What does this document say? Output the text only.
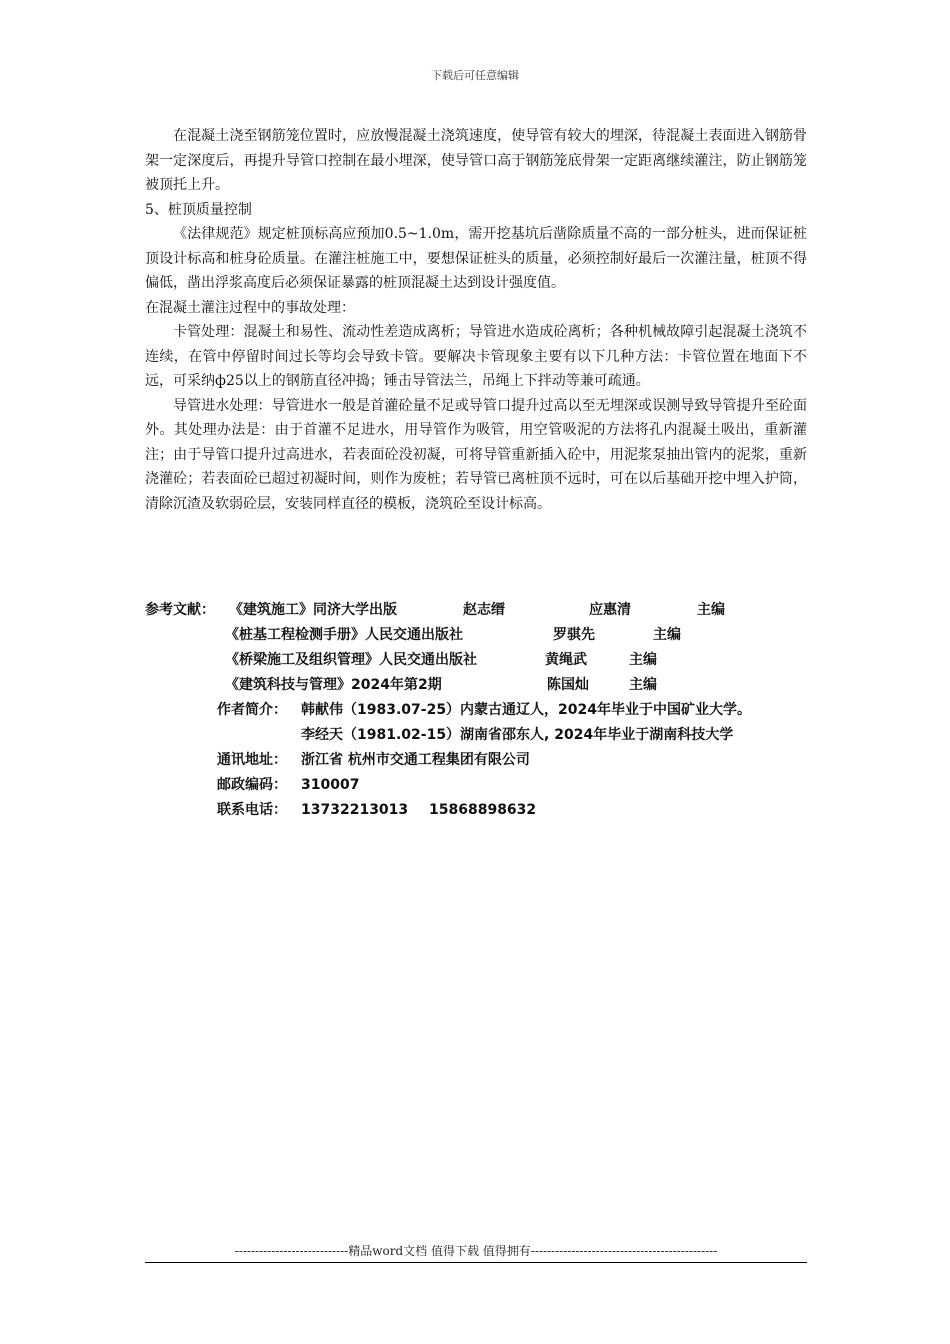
下载后可任意编辑

在混凝土浇至钢筋笼位置时，应放慢混凝土浇筑速度，使导管有较大的埋深，待混凝土表面进入钢筋骨架一定深度后，再提升导管口控制在最小埋深，使导管口高于钢筋笼底骨架一定距离继续灌注，防止钢筋笼被顶托上升。

5、桩顶质量控制

《法律规范》规定桩顶标高应预加0.5~1.0m，需开挖基坑后凿除质量不高的一部分桩头，进而保证桩顶设计标高和桩身砼质量。在灌注桩施工中，要想保证桩头的质量，必须控制好最后一次灌注量，桩顶不得偏低，凿出浮浆高度后必须保证暴露的桩顶混凝土达到设计强度值。

在混凝土灌注过程中的事故处理：

卡管处理：混凝土和易性、流动性差造成离析；导管进水造成砼离析；各种机械故障引起混凝土浇筑不连续，在管中停留时间过长等均会导致卡管。要解决卡管现象主要有以下几种方法：卡管位置在地面下不远，可采纳ф25以上的钢筋直径冲捣；锤击导管法兰，吊绳上下拌动等兼可疏通。

导管进水处理：导管进水一般是首灌砼量不足或导管口提升过高以至无埋深或误测导致导管提升至砼面外。其处理办法是：由于首灌不足进水，用导管作为吸管，用空管吸泥的方法将孔内混凝土吸出，重新灌注；由于导管口提升过高进水，若表面砼没初凝，可将导管重新插入砼中，用泥浆泵抽出管内的泥浆，重新浇灌砼；若表面砼已超过初凝时间，则作为废桩；若导管已离桩顶不远时，可在以后基础开挖中埋入护筒，清除沉渣及软弱砼层，安装同样直径的模板，浇筑砼至设计标高。

参考文献： 《建筑施工》同济大学出版	赵志缙	应惠清	主编
《桩基工程检测手册》人民交通出版社	罗骐先	主编
《桥梁施工及组织管理》人民交通出版社	黄绳武	主编
《建筑科技与管理》2024年第2期	陈国灿	主编
作者简介： 韩献伟（1983.07-25）内蒙古通辽人，2024年毕业于中国矿业大学。
李经天（1981.02-15）湖南省邵东人, 2024年毕业于湖南科技大学
通讯地址： 浙江省 杭州市交通工程集团有限公司
邮政编码： 310007
联系电话： 13732213013 15868898632
----------------------------精品word文档 值得下载 值得拥有----------------------------------------------
